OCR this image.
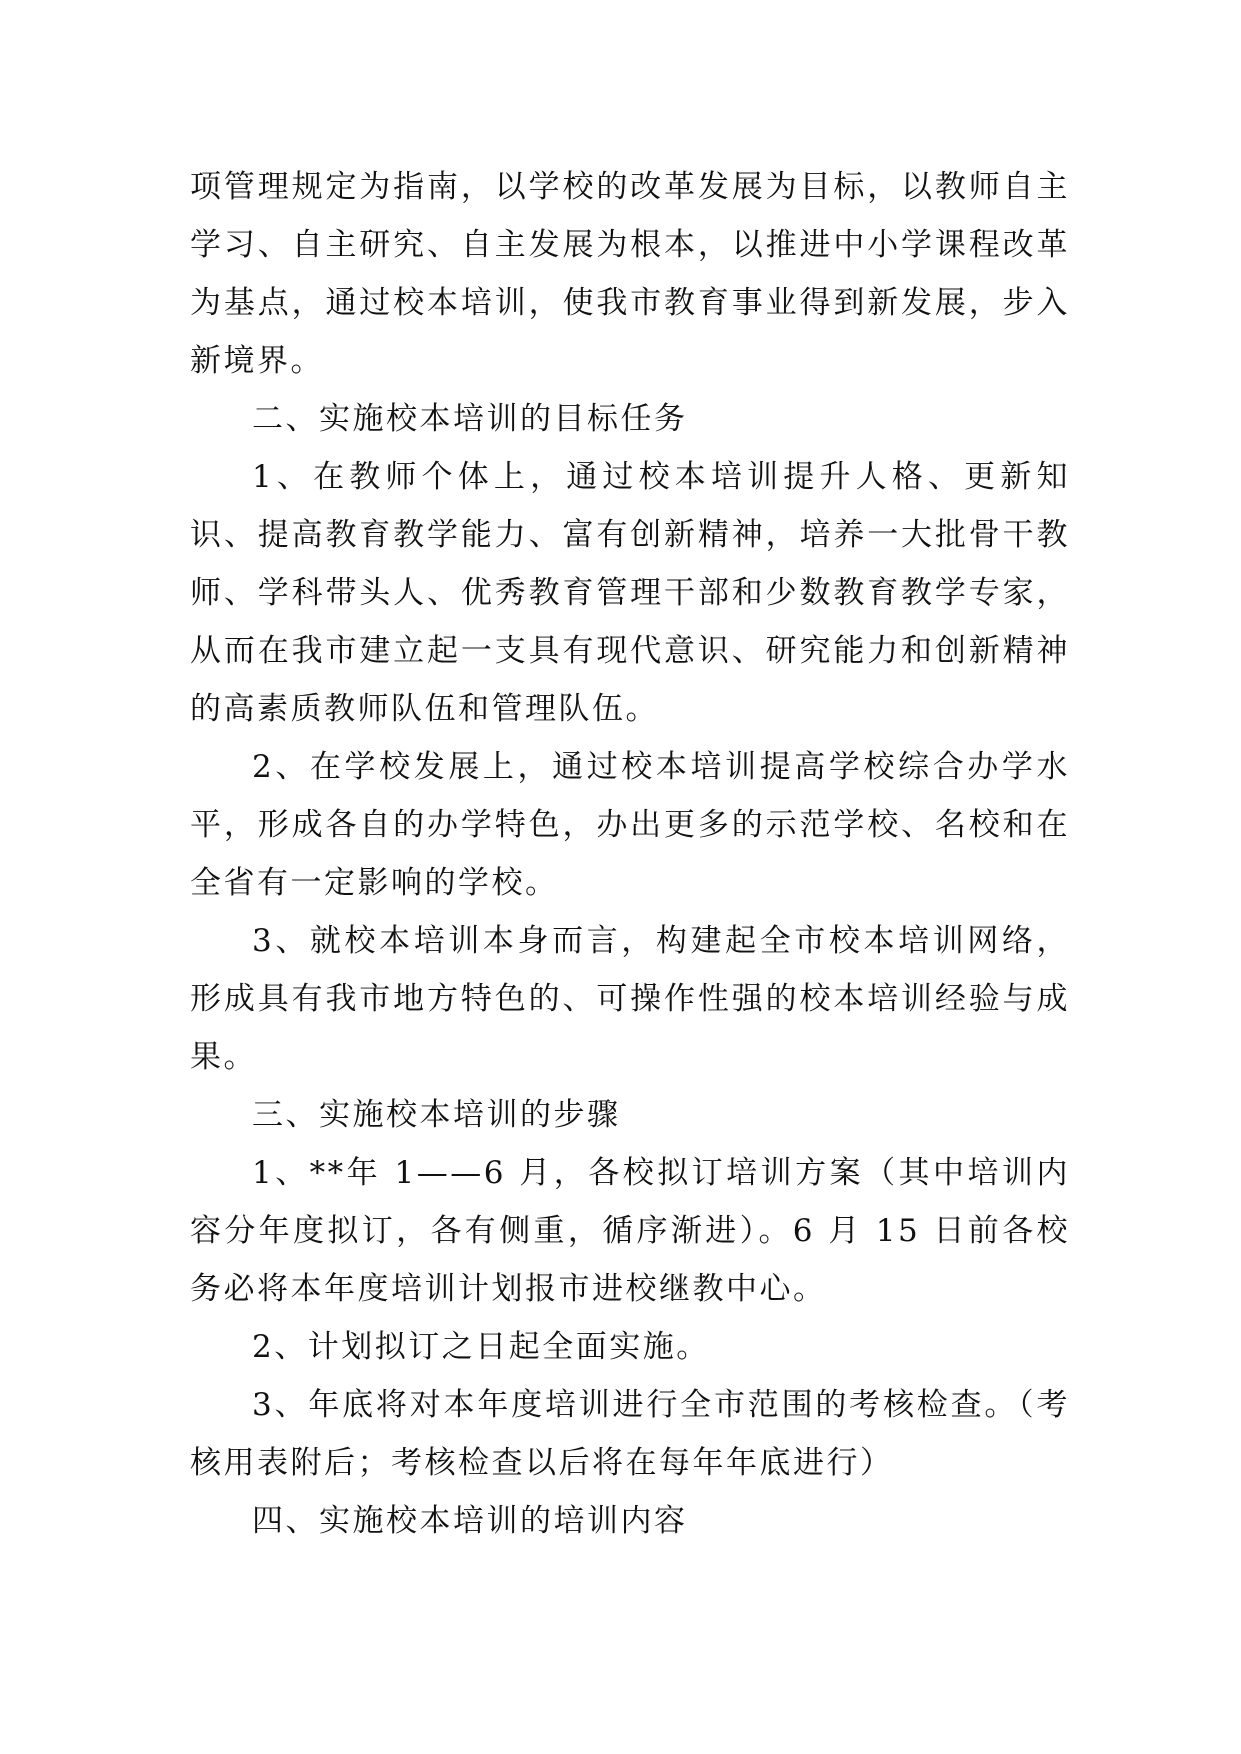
项管理规定为指南，以学校的改革发展为目标，以教师自主学习、自主研究、自主发展为根本，以推进中小学课程改革为基点，通过校本培训，使我市教育事业得到新发展，步入新境界。

二、实施校本培训的目标任务

1、在教师个体上，通过校本培训提升人格、更新知识、提高教育教学能力、富有创新精神，培养一大批骨干教师、学科带头人、优秀教育管理干部和少数教育教学专家，从而在我市建立起一支具有现代意识、研究能力和创新精神的高素质教师队伍和管理队伍。

2、在学校发展上，通过校本培训提高学校综合办学水平，形成各自的办学特色，办出更多的示范学校、名校和在全省有一定影响的学校。

3、就校本培训本身而言，构建起全市校本培训网络，形成具有我市地方特色的、可操作性强的校本培训经验与成果。

三、实施校本培训的步骤

1、**年 1——6 月，各校拟订培训方案（其中培训内容分年度拟订，各有侧重，循序渐进）。6 月 15 日前各校务必将本年度培训计划报市进校继教中心。

2、计划拟订之日起全面实施。

3、年底将对本年度培训进行全市范围的考核检查。（考核用表附后；考核检查以后将在每年年底进行）

四、实施校本培训的培训内容
